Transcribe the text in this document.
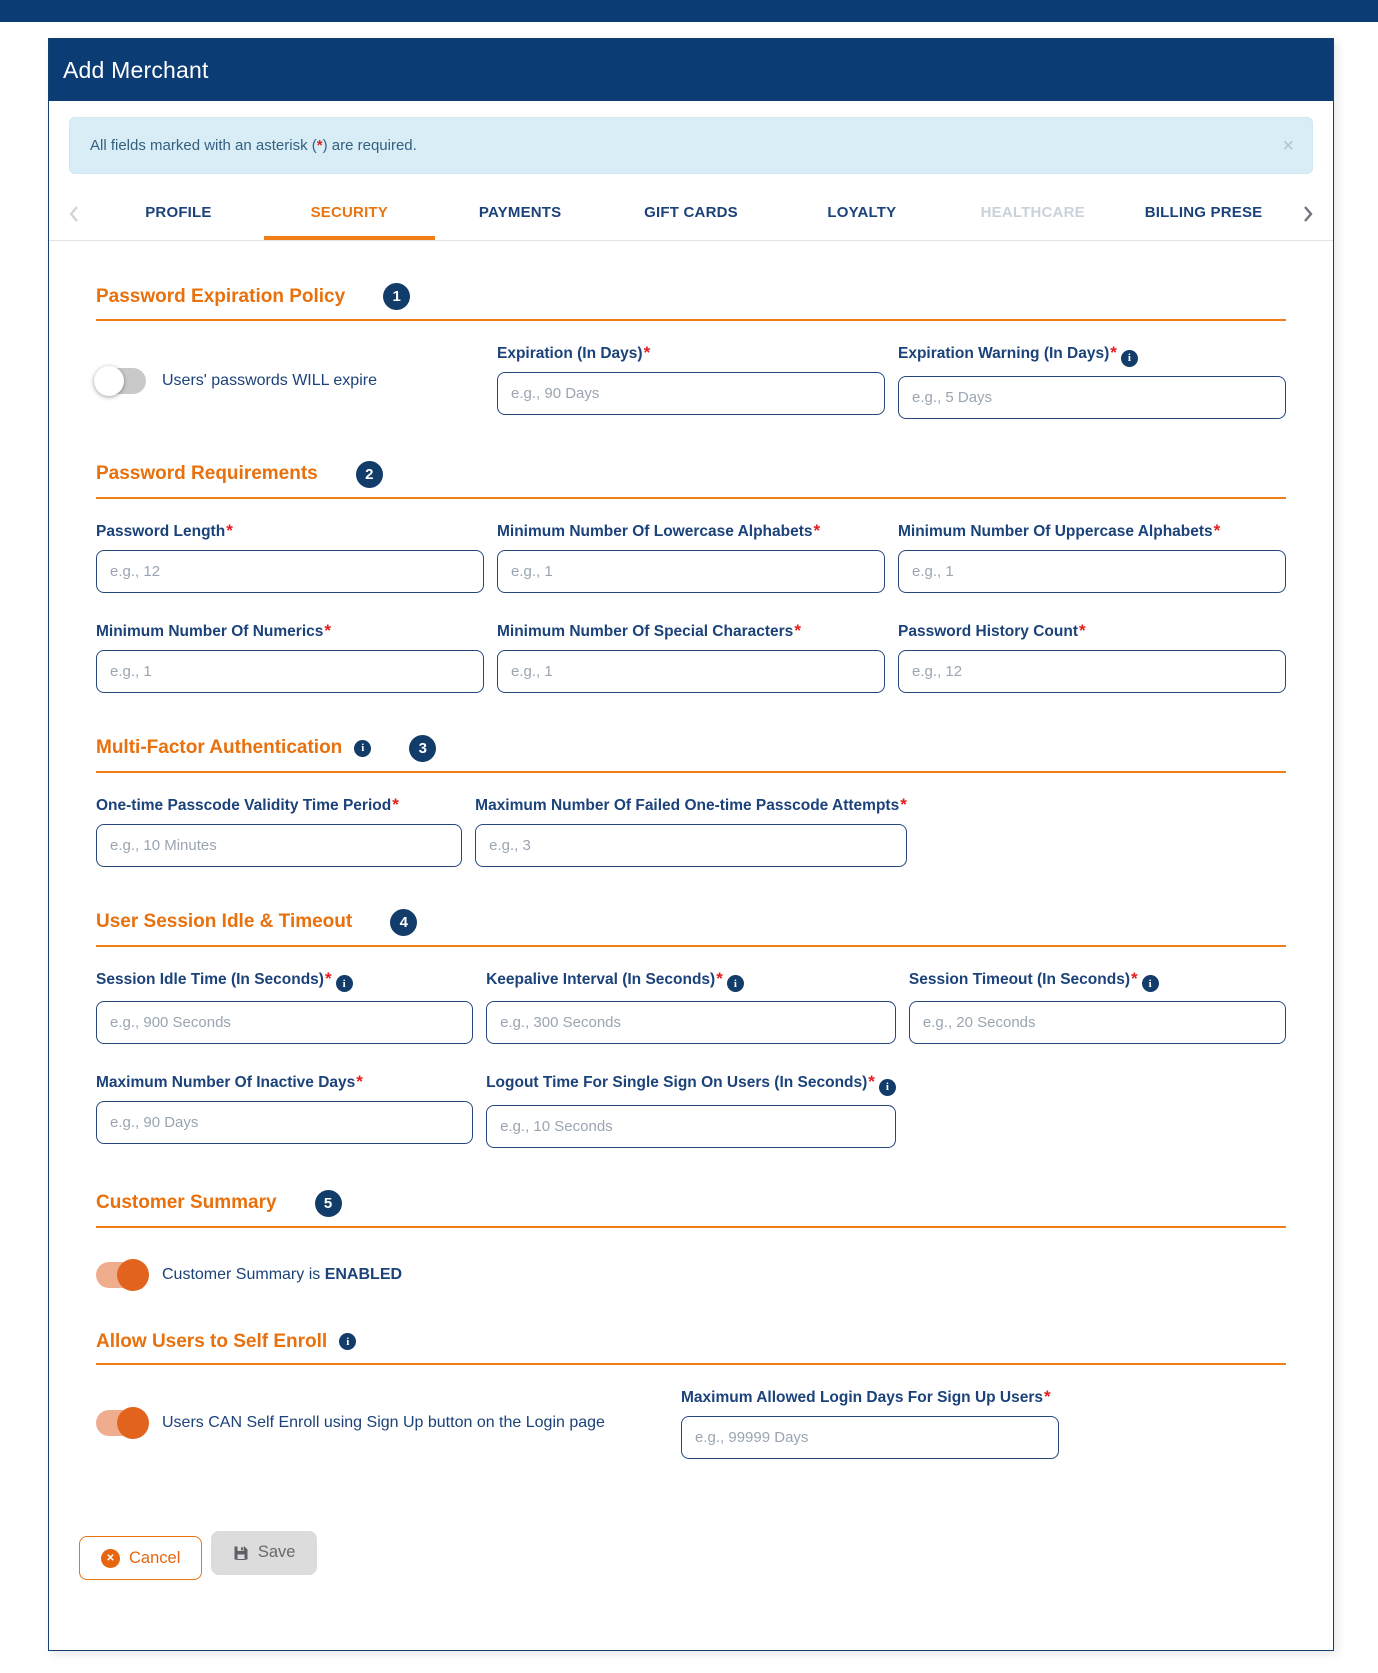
Add Merchant
All fields marked with an asterisk (*) are required.	×
PROFILE	SECURITY	PAYMENTS	GIFT CARDS	LOYALTY	HEALTHCARE	BILLING PRESE
Password Expiration Policy	1
Users' passwords WILL expire
Expiration (In Days)*
e.g., 90 Days	Expiration Warning (In Days)* i
e.g., 5 Days
Password Requirements	2
Password Length*
e.g., 12	Minimum Number Of Lowercase Alphabets*
e.g., 1	Minimum Number Of Uppercase Alphabets*
e.g., 1
Minimum Number Of Numerics*
e.g., 1	Minimum Number Of Special Characters*
e.g., 1	Password History Count*
e.g., 12
Multi-Factor Authentication	i	3
One-time Passcode Validity Time Period*
e.g., 10 Minutes	Maximum Number Of Failed One-time Passcode Attempts*
e.g., 3
User Session Idle & Timeout	4
Session Idle Time (In Seconds)* i
e.g., 900 Seconds	Keepalive Interval (In Seconds)* i
e.g., 300 Seconds	Session Timeout (In Seconds)* i
e.g., 20 Seconds
Maximum Number Of Inactive Days*
e.g., 90 Days	Logout Time For Single Sign On Users (In Seconds)* i
e.g., 10 Seconds
Customer Summary	5
Customer Summary is ENABLED
Allow Users to Self Enroll	i
Users CAN Self Enroll using Sign Up button on the Login page
Maximum Allowed Login Days For Sign Up Users*
e.g., 99999 Days
✕ Cancel
	Save
